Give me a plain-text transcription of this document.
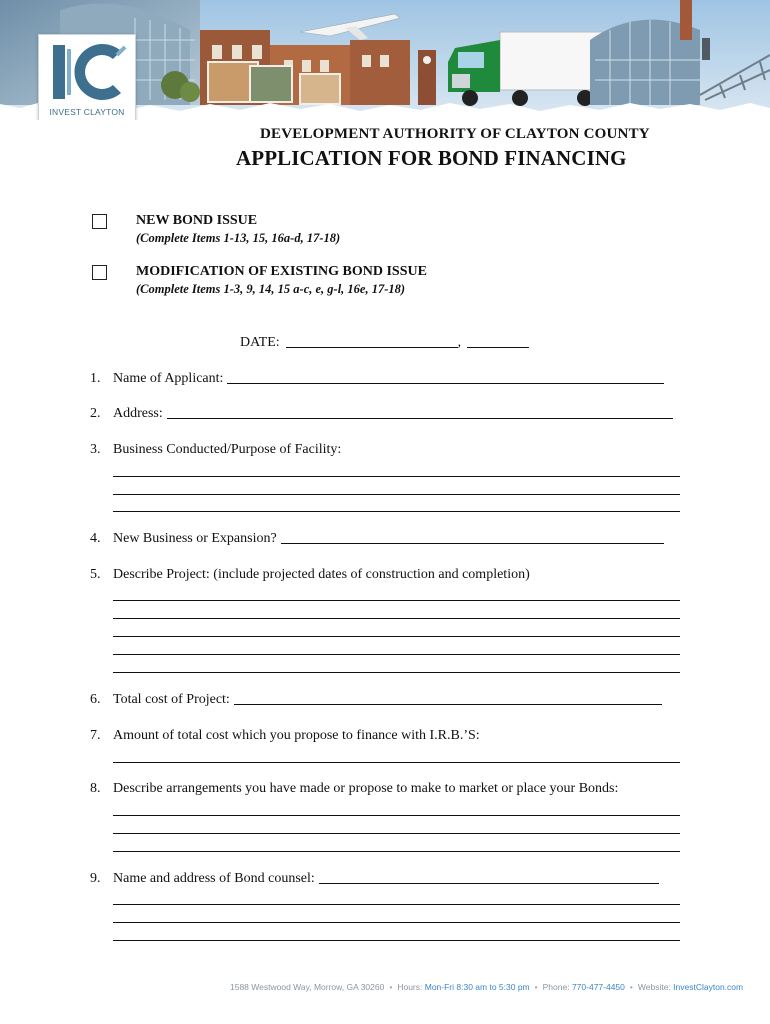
INVEST CLAYTON
DEVELOPMENT AUTHORITY OF CLAYTON COUNTY
APPLICATION FOR BOND FINANCING
NEW BOND ISSUE
(Complete Items 1-13, 15, 16a-d, 17-18)
MODIFICATION OF EXISTING BOND ISSUE
(Complete Items 1-3, 9, 14, 15 a-c, e, g-l, 16e, 17-18)
DATE:	,
1. Name of Applicant:
2. Address:
3. Business Conducted/Purpose of Facility:
4. New Business or Expansion?
5. Describe Project: (include projected dates of construction and completion)
6. Total cost of Project:
7. Amount of total cost which you propose to finance with I.R.B.’S:
8. Describe arrangements you have made or propose to make to market or place your Bonds:
9. Name and address of Bond counsel:
1588 Westwood Way, Morrow, GA 30260 • Hours: Mon-Fri 8:30 am to 5:30 pm • Phone: 770-477-4450 • Website: InvestClayton.com
